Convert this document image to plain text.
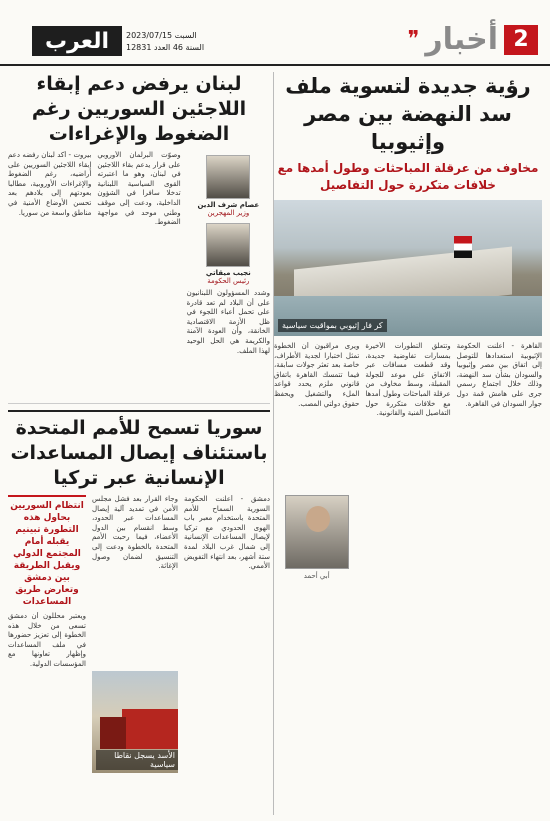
2
أخبار
❞
السبت 2023/07/15
السنة 46 العدد 12831
العرب
رؤية جديدة لتسوية ملف سد النهضة بين مصر وإثيوبيا
مخاوف من عرقلة المباحثات وطول أمدها مع خلافات متكررة حول التفاصيل
كر فار إثيوبي بمواقيت سياسية
القاهرة - أعلنت الحكومة الإثيوبية استعدادها للتوصل إلى اتفاق بين مصر وإثيوبيا والسودان بشأن سد النهضة، وذلك خلال اجتماع رسمي جرى على هامش قمة دول جوار السودان في القاهرة.
وتتعلق التطورات الأخيرة بمسارات تفاوضية جديدة، وقد قطعت مسافات عبر الاتفاق على موعد للجولة المقبلة، وسط مخاوف من عرقلة المباحثات وطول أمدها مع خلافات متكررة حول التفاصيل الفنية والقانونية.
ويرى مراقبون أن الخطوة تمثل اختبارا لجدية الأطراف، خاصة بعد تعثر جولات سابقة، فيما تتمسك القاهرة باتفاق قانوني ملزم يحدد قواعد الملء والتشغيل ويحفظ حقوق دولتي المصب.
أبي أحمد
لبنان يرفض دعم إبقاء اللاجئين السوريين رغم الضغوط والإغراءات
عصام شرف الدين
وزير المهجرين
نجيب ميقاتي
رئيس الحكومة
وشدد المسؤولون اللبنانيون على أن البلاد لم تعد قادرة على تحمل أعباء اللجوء في ظل الأزمة الاقتصادية الخانقة، وأن العودة الآمنة والكريمة هي الحل الوحيد لهذا الملف.
وصوّت البرلمان الأوروبي على قرار يدعم بقاء اللاجئين في لبنان، وهو ما اعتبرته القوى السياسية اللبنانية تدخلا سافرا في الشؤون الداخلية، ودعت إلى موقف وطني موحد في مواجهة الضغوط.
بيروت - أكد لبنان رفضه دعم إبقاء اللاجئين السوريين على أراضيه، رغم الضغوط والإغراءات الأوروبية، مطالبا بعودتهم إلى بلادهم بعد تحسن الأوضاع الأمنية في مناطق واسعة من سوريا.
سوريا تسمح للأمم المتحدة باستئناف إيصال المساعدات الإنسانية عبر تركيا
دمشق - أعلنت الحكومة السورية السماح للأمم المتحدة باستخدام معبر باب الهوى الحدودي مع تركيا لإيصال المساعدات الإنسانية إلى شمال غرب البلاد لمدة ستة أشهر، بعد انتهاء التفويض الأممي.
وجاء القرار بعد فشل مجلس الأمن في تمديد آلية إيصال المساعدات عبر الحدود، وسط انقسام بين الدول الأعضاء، فيما رحبت الأمم المتحدة بالخطوة ودعت إلى التنسيق لضمان وصول الإغاثة.
الأسد يسجل نقاطا سياسية
انتظام السوريين بحاول هذه التطورة تبينيم يقبله أمام المجتمع الدولي ويقبل الطريقة بين دمشق وتعارض طريق المساعدات
ويعتبر محللون أن دمشق تسعى من خلال هذه الخطوة إلى تعزيز حضورها في ملف المساعدات وإظهار تعاونها مع المؤسسات الدولية.
